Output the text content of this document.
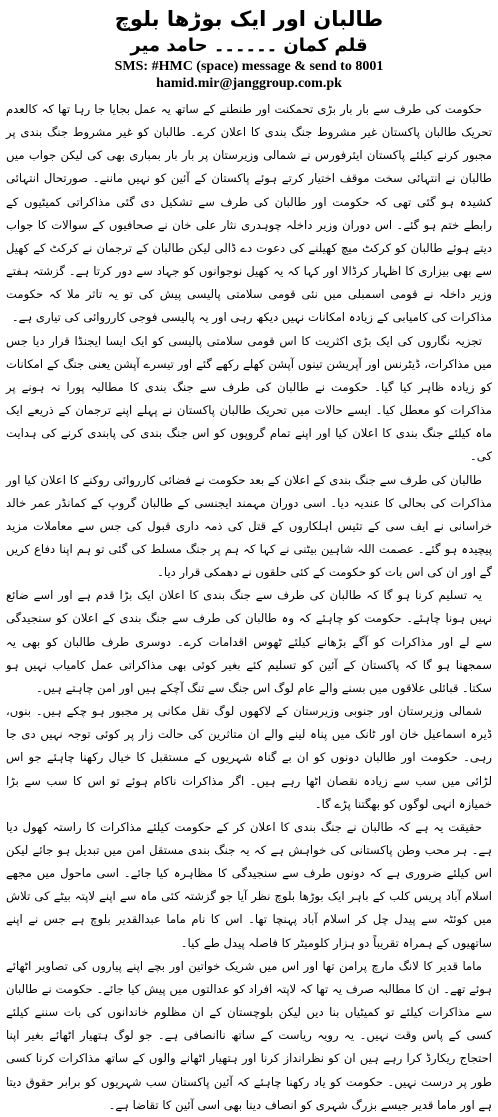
طالبان اور ایک بوڑھا بلوچ
قلم کمان ۔۔۔۔۔۔ حامد میر
SMS: #HMC (space) message & send to 8001
hamid.mir@janggroup.com.pk

حکومت کی طرف سے بار بار بڑی تحمکنت اور طنطنے کے ساتھ یہ عمل بجایا جا رہا تھا کہ کالعدم تحریک طالبان پاکستان غیر مشروط جنگ بندی کا اعلان کرے۔ طالبان کو غیر مشروط جنگ بندی پر مجبور کرنے کیلئے پاکستان ایئرفورس نے شمالی وزیرستان پر بار بار بمباری بھی کی لیکن جواب میں طالبان نے انتہائی سخت موقف اختیار کرتے ہوئے پاکستان کے آئین کو نہیں ماننے۔ صورتحال انتہائی کشیدہ ہو گئی تھی کہ حکومت اور طالبان کی طرف سے تشکیل دی گئی مذاکراتی کمیٹیوں کے رابطے ختم ہو گئے۔ اس دوران وزیر داخلہ چوہدری نثار علی خان نے صحافیوں کے سوالات کا جواب دیتے ہوئے طالبان کو کرکٹ میچ کھیلنے کی دعوت دے ڈالی لیکن طالبان کے ترجمان نے کرکٹ کے کھیل سے بھی بیزاری کا اظہار کرڈالا اور کہا کہ یہ کھیل نوجوانوں کو جہاد سے دور کرتا ہے۔ گزشتہ ہفتے وزیر داخلہ نے قومی اسمبلی میں نئی قومی سلامتی پالیسی پیش کی تو یہ تاثر ملا کہ حکومت مذاکرات کی کامیابی کے زیادہ امکانات نہیں دیکھ رہی اور یہ پالیسی فوجی کارروائی کی تیاری ہے۔

تجزیہ نگاروں کی ایک بڑی اکثریت کا اس قومی سلامتی پالیسی کو ایک ایسا ایجنڈا قرار دیا جس میں مذاکرات، ڈیٹرنس اور آپریشن تینوں آپشن کھلے رکھے گئے اور تیسرے آپشن یعنی جنگ کے امکانات کو زیادہ ظاہر کیا گیا۔ حکومت نے طالبان کی طرف سے جنگ بندی کا مطالبہ پورا نہ ہونے پر مذاکرات کو معطل کیا۔ ایسے حالات میں تحریک طالبان پاکستان نے پہلے اپنے ترجمان کے ذریعے ایک ماہ کیلئے جنگ بندی کا اعلان کیا اور اپنے تمام گروپوں کو اس جنگ بندی کی پابندی کرنے کی ہدایت کی۔

طالبان کی طرف سے جنگ بندی کے اعلان کے بعد حکومت نے فضائی کارروائی روکنے کا اعلان کیا اور مذاکرات کی بحالی کا عندیہ دیا۔ اسی دوران مہمند ایجنسی کے طالبان گروپ کے کمانڈر عمر خالد خراسانی نے ایف سی کے تئیس اہلکاروں کے قتل کی ذمہ داری قبول کی جس سے معاملات مزید پیچیدہ ہو گئے۔ عصمت اللہ شاہین بیٹنی نے کہا کہ ہم پر جنگ مسلط کی گئی تو ہم اپنا دفاع کریں گے اور ان کی اس بات کو حکومت کے کئی حلقوں نے دھمکی قرار دیا۔

یہ تسلیم کرنا ہو گا کہ طالبان کی طرف سے جنگ بندی کا اعلان ایک بڑا قدم ہے اور اسے ضائع نہیں ہونا چاہئے۔ حکومت کو چاہئے کہ وہ طالبان کی طرف سے جنگ بندی کے اعلان کو سنجیدگی سے لے اور مذاکرات کو آگے بڑھانے کیلئے ٹھوس اقدامات کرے۔ دوسری طرف طالبان کو بھی یہ سمجھنا ہو گا کہ پاکستان کے آئین کو تسلیم کئے بغیر کوئی بھی مذاکراتی عمل کامیاب نہیں ہو سکتا۔ قبائلی علاقوں میں بسنے والے عام لوگ اس جنگ سے تنگ آچکے ہیں اور امن چاہتے ہیں۔

شمالی وزیرستان اور جنوبی وزیرستان کے لاکھوں لوگ نقل مکانی پر مجبور ہو چکے ہیں۔ بنوں، ڈیرہ اسماعیل خان اور ٹانک میں پناہ لینے والے ان متاثرین کی حالت زار پر کوئی توجہ نہیں دی جا رہی۔ حکومت اور طالبان دونوں کو ان بے گناہ شہریوں کے مستقبل کا خیال رکھنا چاہئے جو اس لڑائی میں سب سے زیادہ نقصان اٹھا رہے ہیں۔ اگر مذاکرات ناکام ہوئے تو اس کا سب سے بڑا خمیازہ انہی لوگوں کو بھگتنا پڑے گا۔

حقیقت یہ ہے کہ طالبان نے جنگ بندی کا اعلان کر کے حکومت کیلئے مذاکرات کا راستہ کھول دیا ہے۔ ہر محب وطن پاکستانی کی خواہش ہے کہ یہ جنگ بندی مستقل امن میں تبدیل ہو جائے لیکن اس کیلئے ضروری ہے کہ دونوں طرف سے سنجیدگی کا مظاہرہ کیا جائے۔ اسی ماحول میں مجھے اسلام آباد پریس کلب کے باہر ایک بوڑھا بلوچ نظر آیا جو گزشتہ کئی ماہ سے اپنے لاپتہ بیٹے کی تلاش میں کوئٹہ سے پیدل چل کر اسلام آباد پہنچا تھا۔ اس کا نام ماما عبدالقدیر بلوچ ہے جس نے اپنے ساتھیوں کے ہمراہ تقریباً دو ہزار کلومیٹر کا فاصلہ پیدل طے کیا۔

ماما قدیر کا لانگ مارچ پرامن تھا اور اس میں شریک خواتین اور بچے اپنے پیاروں کی تصاویر اٹھائے ہوئے تھے۔ ان کا مطالبہ صرف یہ تھا کہ لاپتہ افراد کو عدالتوں میں پیش کیا جائے۔ حکومت نے طالبان سے مذاکرات کیلئے تو کمیٹیاں بنا دیں لیکن بلوچستان کے ان مظلوم خاندانوں کی بات سننے کیلئے کسی کے پاس وقت نہیں۔ یہ رویہ ریاست کے ساتھ ناانصافی ہے۔ جو لوگ ہتھیار اٹھائے بغیر اپنا احتجاج ریکارڈ کرا رہے ہیں ان کو نظرانداز کرنا اور ہتھیار اٹھانے والوں کے ساتھ مذاکرات کرنا کسی طور پر درست نہیں۔ حکومت کو یاد رکھنا چاہئے کہ آئین پاکستان سب شہریوں کو برابر حقوق دیتا ہے اور ماما قدیر جیسے بزرگ شہری کو انصاف دینا بھی اسی آئین کا تقاضا ہے۔
